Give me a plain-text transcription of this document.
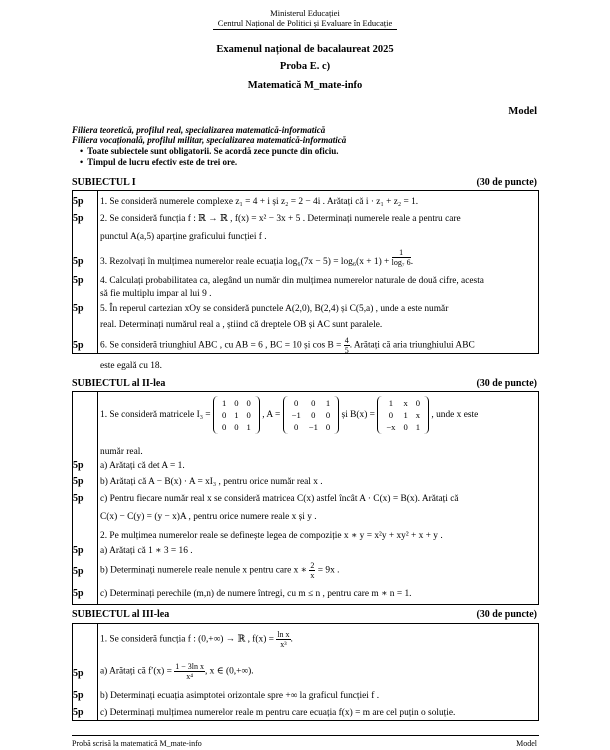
Ministerul Educației
Centrul Național de Politici și Evaluare în Educație
Examenul național de bacalaureat 2025
Proba E. c)
Matematică M_mate-info
Model
Filiera teoretică, profilul real, specializarea matematică-informatică
Filiera vocațională, profilul militar, specializarea matematică-informatică
• Toate subiectele sunt obligatorii. Se acordă zece puncte din oficiu.
• Timpul de lucru efectiv este de trei ore.
SUBIECTUL I	(30 de puncte)
5p	1. Se consideră numerele complexe z₁ = 4 + i și z₂ = 2 − 4i . Arătați că i · z₁ + z₂ = 1.
5p	2. Se consideră funcția f : ℝ → ℝ , f(x) = x² − 3x + 5 . Determinați numerele reale a pentru care
punctul A(a,5) aparține graficului funcției f .
5p	3. Rezolvați în mulțimea numerelor reale ecuația $\log_6(7x - 5) = \log_6(x + 1) + \frac{1}{\text{log₇ 6}}$ .
5p	4. Calculați probabilitatea ca, alegând un număr din mulțimea numerelor naturale de două cifre, acesta
să fie multiplu impar al lui 9 .
5p	5. În reperul cartezian xOy se consideră punctele A(2,0), B(2,4) și C(5,a) , unde a este număr
real. Determinați numărul real a , știind că dreptele OB și AC sunt paralele.
5p	6. Se consideră triunghiul ABC , cu AB = 6 , BC = 10 și $\cos B = \frac{4}{5}$ . Arătați că aria triunghiului ABC
este egală cu 18.
SUBIECTUL al II-lea	(30 de puncte)
1. Se consideră matricele I₃ =
1	0	0
0	1	0
0	0	1
, A =
0	0	1
−1	0	0
0	−1	0
și B(x) =
1	x	0
0	1	x
−x	0	1
, unde x este
număr real.
5p	a) Arătați că det A = 1.
5p	b) Arătați că A − B(x) · A = xI₃ , pentru orice număr real x .
5p	c) Pentru fiecare număr real x se consideră matricea C(x) astfel încât A · C(x) = B(x). Arătați că
C(x) − C(y) = (y − x)A , pentru orice numere reale x și y .
2. Pe mulțimea numerelor reale se definește legea de compoziție x ∗ y = x²y + xy² + x + y .
5p	a) Arătați că 1 ∗ 3 = 16 .
5p	b) Determinați numerele reale nenule x pentru care x ∗ $\frac{2}{x} = 9x$ .
5p	c) Determinați perechile (m,n) de numere întregi, cu m ≤ n , pentru care m ∗ n = 1.
SUBIECTUL al III-lea	(30 de puncte)
1. Se consideră funcția f : (0,+∞) → ℝ , $f(x) = \frac{\text{ln x}}{\text{x³}}$ .
5p	a) Arătați că $f'(x) = \frac{\text{1 − 3ln x}}{\text{x⁴}}$ , x ∈ (0,+∞).
5p	b) Determinați ecuația asimptotei orizontale spre +∞ la graficul funcției f .
5p	c) Determinați mulțimea numerelor reale m pentru care ecuația f(x) = m are cel puțin o soluție.
Probă scrisă la matematică M_mate-info	Model
